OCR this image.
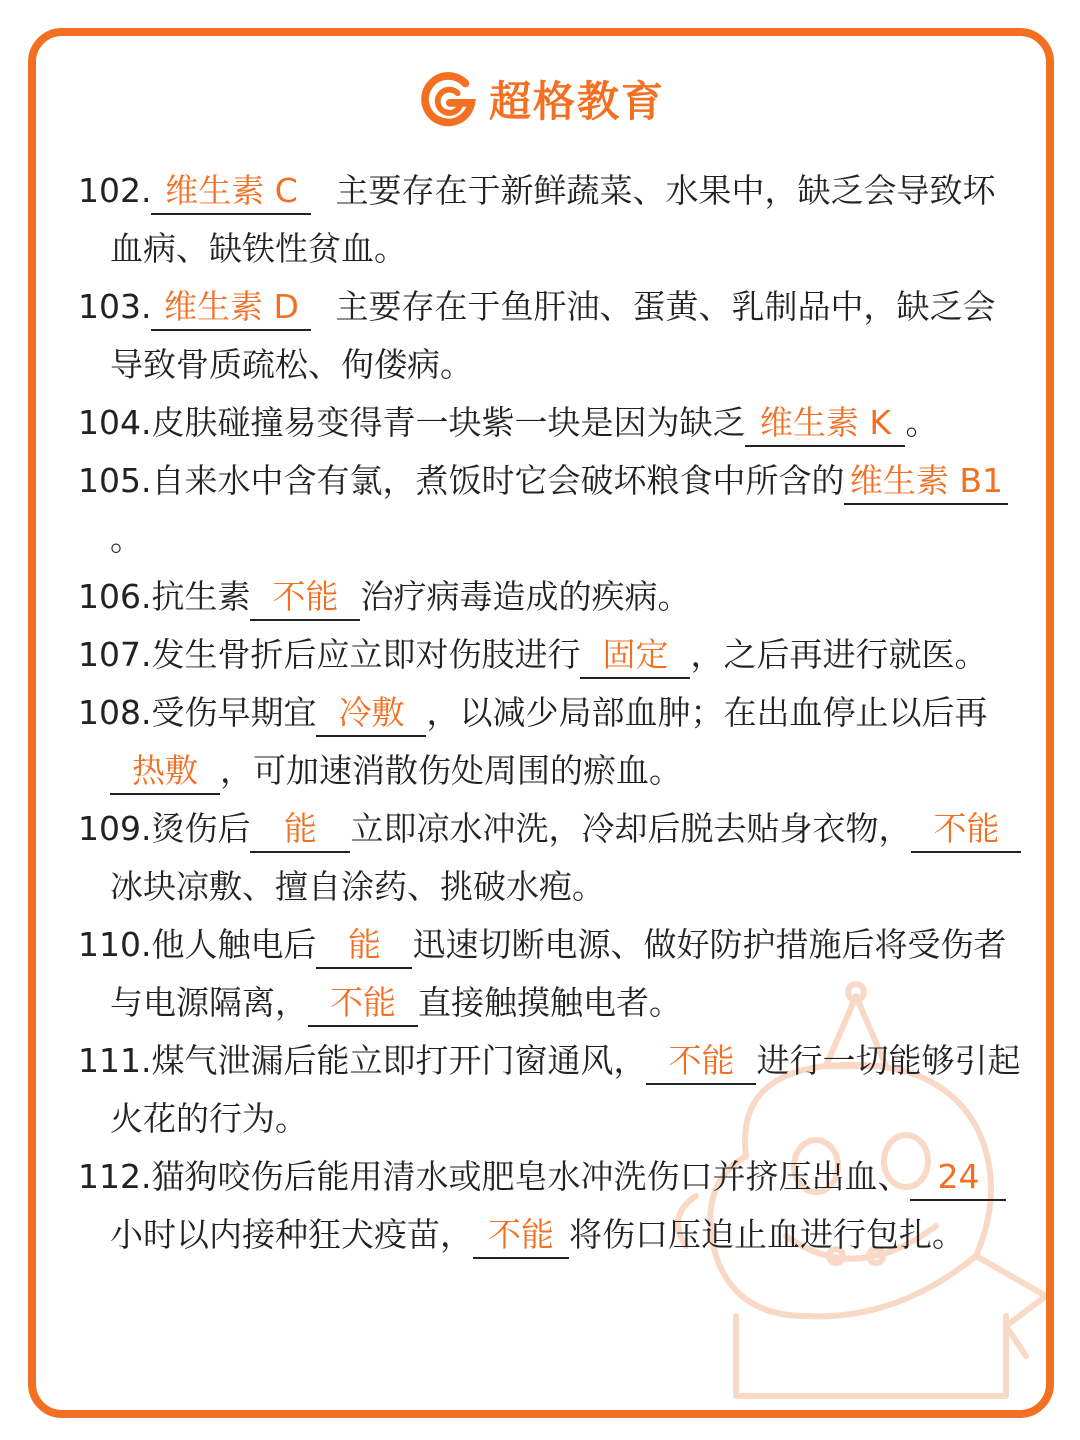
超格教育
102. 维生素 C 主要存在于新鲜蔬菜、水果中，缺乏会导致坏血病、缺铁性贫血。
103. 维生素 D 主要存在于鱼肝油、蛋黄、乳制品中，缺乏会导致骨质疏松、佝偻病。
104.皮肤碰撞易变得青一块紫一块是因为缺乏 维生素 K 。
105.自来水中含有氯，煮饭时它会破坏粮食中所含的 维生素 B1。
106.抗生素 不能 治疗病毒造成的疾病。
107.发生骨折后应立即对伤肢进行 固定 ，之后再进行就医。
108.受伤早期宜 冷敷 ，以减少局部血肿；在出血停止以后再热敷 ，可加速消散伤处周围的瘀血。
109.烫伤后 能 立即凉水冲洗，冷却后脱去贴身衣物， 不能冰块凉敷、擅自涂药、挑破水疱。
110.他人触电后 能 迅速切断电源、做好防护措施后将受伤者与电源隔离， 不能 直接触摸触电者。
111.煤气泄漏后能立即打开门窗通风， 不能 进行一切能够引起火花的行为。
112.猫狗咬伤后能用清水或肥皂水冲洗伤口并挤压出血、 24小时以内接种狂犬疫苗， 不能 将伤口压迫止血进行包扎。
